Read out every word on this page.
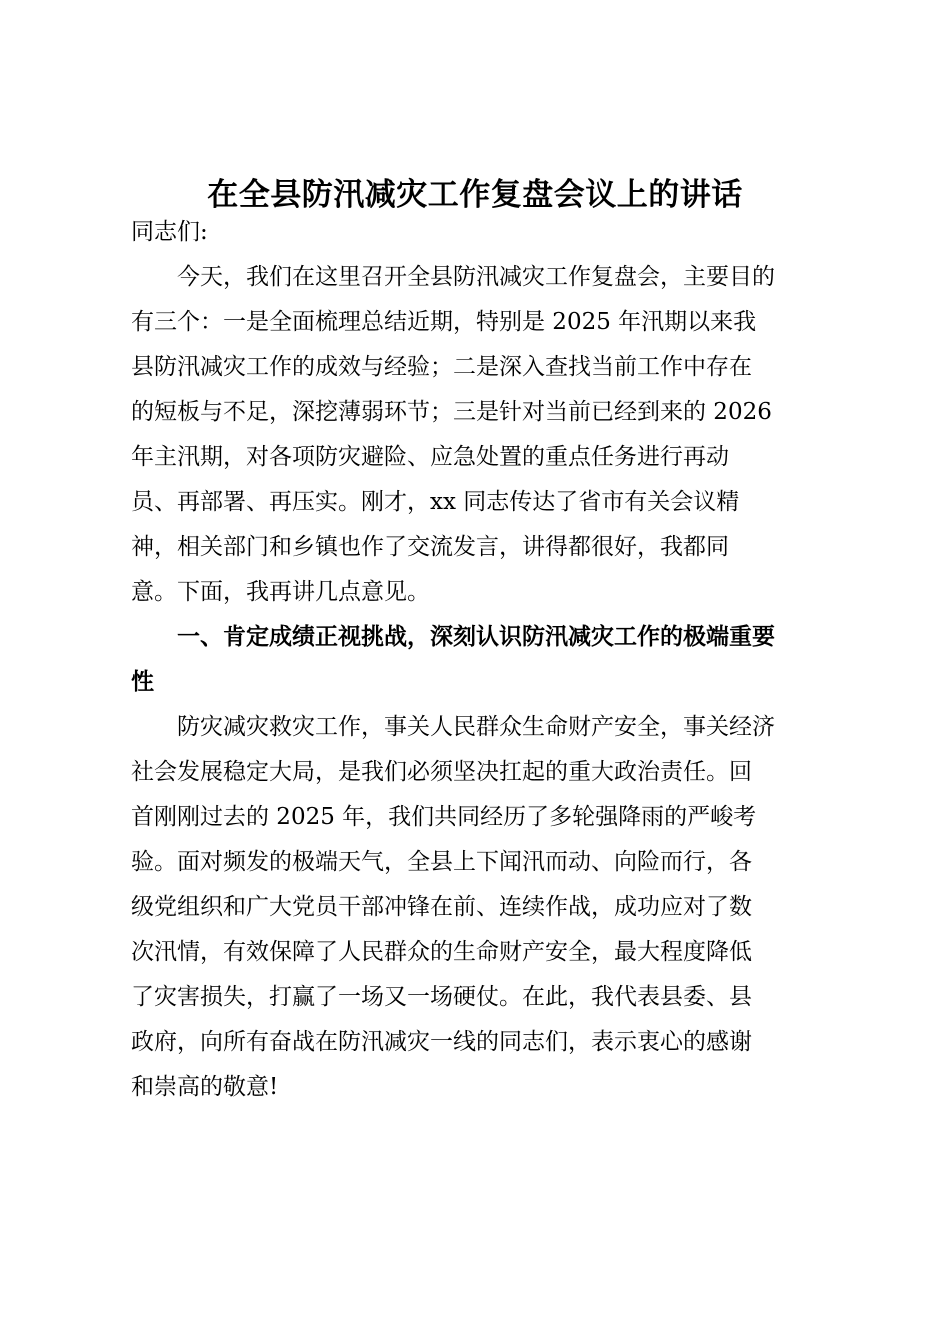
在全县防汛减灾工作复盘会议上的讲话
同志们:
今天，我们在这里召开全县防汛减灾工作复盘会，主要目的
有三个：一是全面梳理总结近期，特别是 2025 年汛期以来我
县防汛减灾工作的成效与经验；二是深入查找当前工作中存在
的短板与不足，深挖薄弱环节；三是针对当前已经到来的 2026
年主汛期，对各项防灾避险、应急处置的重点任务进行再动
员、再部署、再压实。刚才，xx 同志传达了省市有关会议精
神，相关部门和乡镇也作了交流发言，讲得都很好，我都同
意。下面，我再讲几点意见。
一、肯定成绩正视挑战，深刻认识防汛减灾工作的极端重要
性
防灾减灾救灾工作，事关人民群众生命财产安全，事关经济
社会发展稳定大局，是我们必须坚决扛起的重大政治责任。回
首刚刚过去的 2025 年，我们共同经历了多轮强降雨的严峻考
验。面对频发的极端天气，全县上下闻汛而动、向险而行，各
级党组织和广大党员干部冲锋在前、连续作战，成功应对了数
次汛情，有效保障了人民群众的生命财产安全，最大程度降低
了灾害损失，打赢了一场又一场硬仗。在此，我代表县委、县
政府，向所有奋战在防汛减灾一线的同志们，表示衷心的感谢
和崇高的敬意!
